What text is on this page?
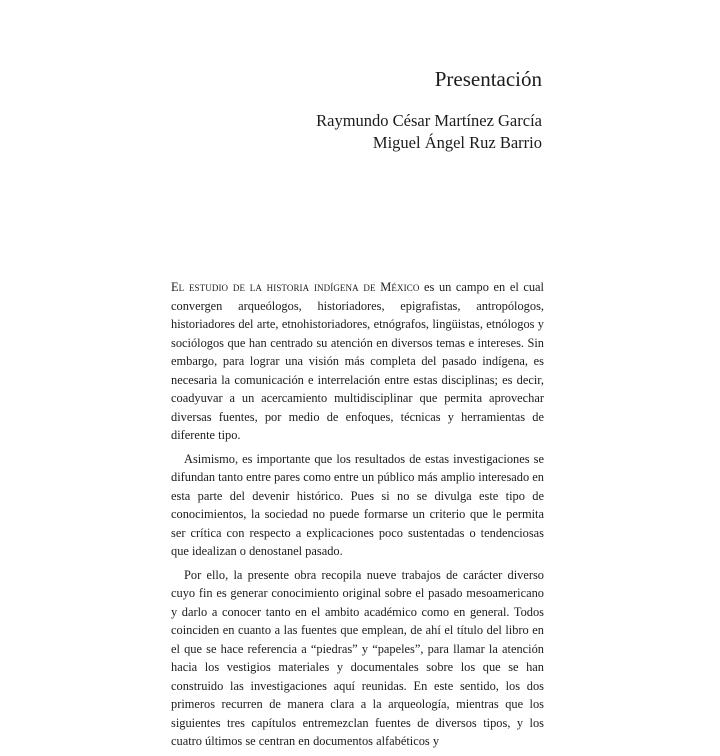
Presentación

Raymundo César Martínez García

Miguel Ángel Ruz Barrio

El estudio de la historia indígena de México es un campo en el cual convergen arqueólogos, historiadores, epigrafistas, antropólogos, historiadores del arte, etnohistoriadores, etnógrafos, lingüistas, etnólogos y sociólogos que han centrado su atención en diversos temas e intereses. Sin embargo, para lograr una visión más completa del pasado indígena, es necesaria la comunicación e interrelación entre estas disciplinas; es decir, coadyuvar a un acercamiento multidisciplinar que permita aprovechar diversas fuentes, por medio de enfoques, técnicas y herramientas de diferente tipo.

Asimismo, es importante que los resultados de estas investigaciones se difundan tanto entre pares como entre un público más amplio interesado en esta parte del devenir histórico. Pues si no se divulga este tipo de conocimientos, la sociedad no puede formarse un criterio que le permita ser crítica con respecto a explicaciones poco sustentadas o tendenciosas que idealizan o denostanel pasado.

Por ello, la presente obra recopila nueve trabajos de carácter diverso cuyo fin es generar conocimiento original sobre el pasado mesoamericano y darlo a conocer tanto en el ambito académico como en general. Todos coinciden en cuanto a las fuentes que emplean, de ahí el título del libro en el que se hace referencia a “piedras” y “papeles”, para llamar la atención hacia los vestigios materiales y documentales sobre los que se han construido las investigaciones aquí reunidas. En este sentido, los dos primeros recurren de manera clara a la arqueología, mientras que los siguientes tres capítulos entremezclan fuentes de diversos tipos, y los cuatro últimos se centran en documentos alfabéticos y
